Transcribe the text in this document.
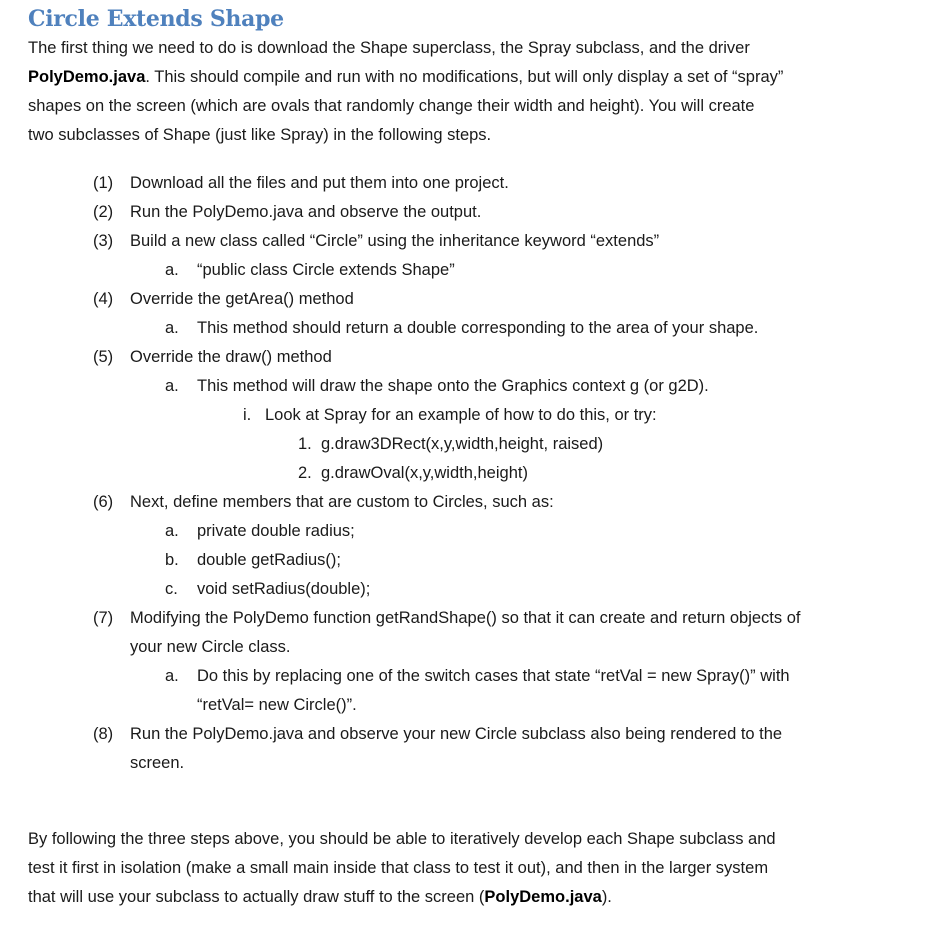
Circle Extends Shape

The first thing we need to do is download the Shape superclass, the Spray subclass, and the driver

PolyDemo.java. This should compile and run with no modifications, but will only display a set of “spray”

shapes on the screen (which are ovals that randomly change their width and height). You will create

two subclasses of Shape (just like Spray) in the following steps.

(1) Download all the files and put them into one project.
(2) Run the PolyDemo.java and observe the output.
(3) Build a new class called “Circle” using the inheritance keyword “extends”
a. “public class Circle extends Shape”
(4) Override the getArea() method
a. This method should return a double corresponding to the area of your shape.
(5) Override the draw() method
a. This method will draw the shape onto the Graphics context g (or g2D).
i. Look at Spray for an example of how to do this, or try:
1. g.draw3DRect(x,y,width,height, raised)
2. g.drawOval(x,y,width,height)
(6) Next, define members that are custom to Circles, such as:
a. private double radius;
b. double getRadius();
c. void setRadius(double);
(7) Modifying the PolyDemo function getRandShape() so that it can create and return objects of
your new Circle class.
a. Do this by replacing one of the switch cases that state “retVal = new Spray()” with
“retVal= new Circle()”.
(8) Run the PolyDemo.java and observe your new Circle subclass also being rendered to the
screen.

By following the three steps above, you should be able to iteratively develop each Shape subclass and

test it first in isolation (make a small main inside that class to test it out), and then in the larger system

that will use your subclass to actually draw stuff to the screen (PolyDemo.java).
